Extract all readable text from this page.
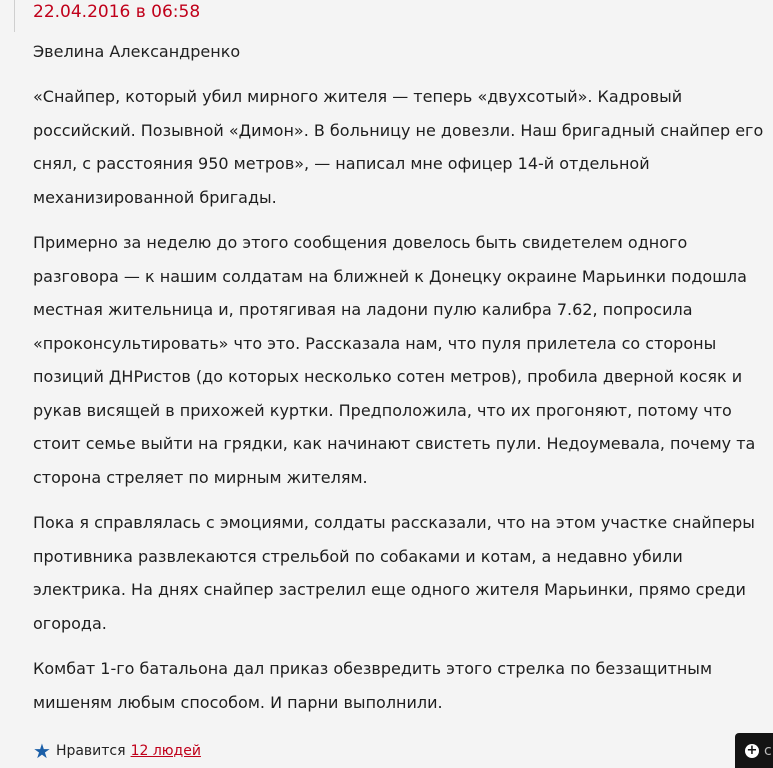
22.04.2016 в 06:58
Эвелина Александренко

«Снайпер, который убил мирного жителя — теперь «двухсотый». Кадровый российский. Позывной «Димон». В больницу не довезли. Наш бригадный снайпер его снял, с расстояния 950 метров», — написал мне офицер 14-й отдельной механизированной бригады.

Примерно за неделю до этого сообщения довелось быть свидетелем одного разговора — к нашим солдатам на ближней к Донецку окраине Марьинки подошла местная жительница и, протягивая на ладони пулю калибра 7.62, попросила «проконсультировать» что это. Рассказала нам, что пуля прилетела со стороны позиций ДНРистов (до которых несколько сотен метров), пробила дверной косяк и рукав висящей в прихожей куртки. Предположила, что их прогоняют, потому что стоит семье выйти на грядки, как начинают свистеть пули. Недоумевала, почему та сторона стреляет по мирным жителям.

Пока я справлялась с эмоциями, солдаты рассказали, что на этом участке снайперы противника развлекаются стрельбой по собаками и котам, а недавно убили электрика. На днях снайпер застрелил еще одного жителя Марьинки, прямо среди огорода.

Комбат 1-го батальона дал приказ обезвредить этого стрелка по беззащитным мишеням любым способом. И парни выполнили.

★ Нравится 12 людей	+ с
